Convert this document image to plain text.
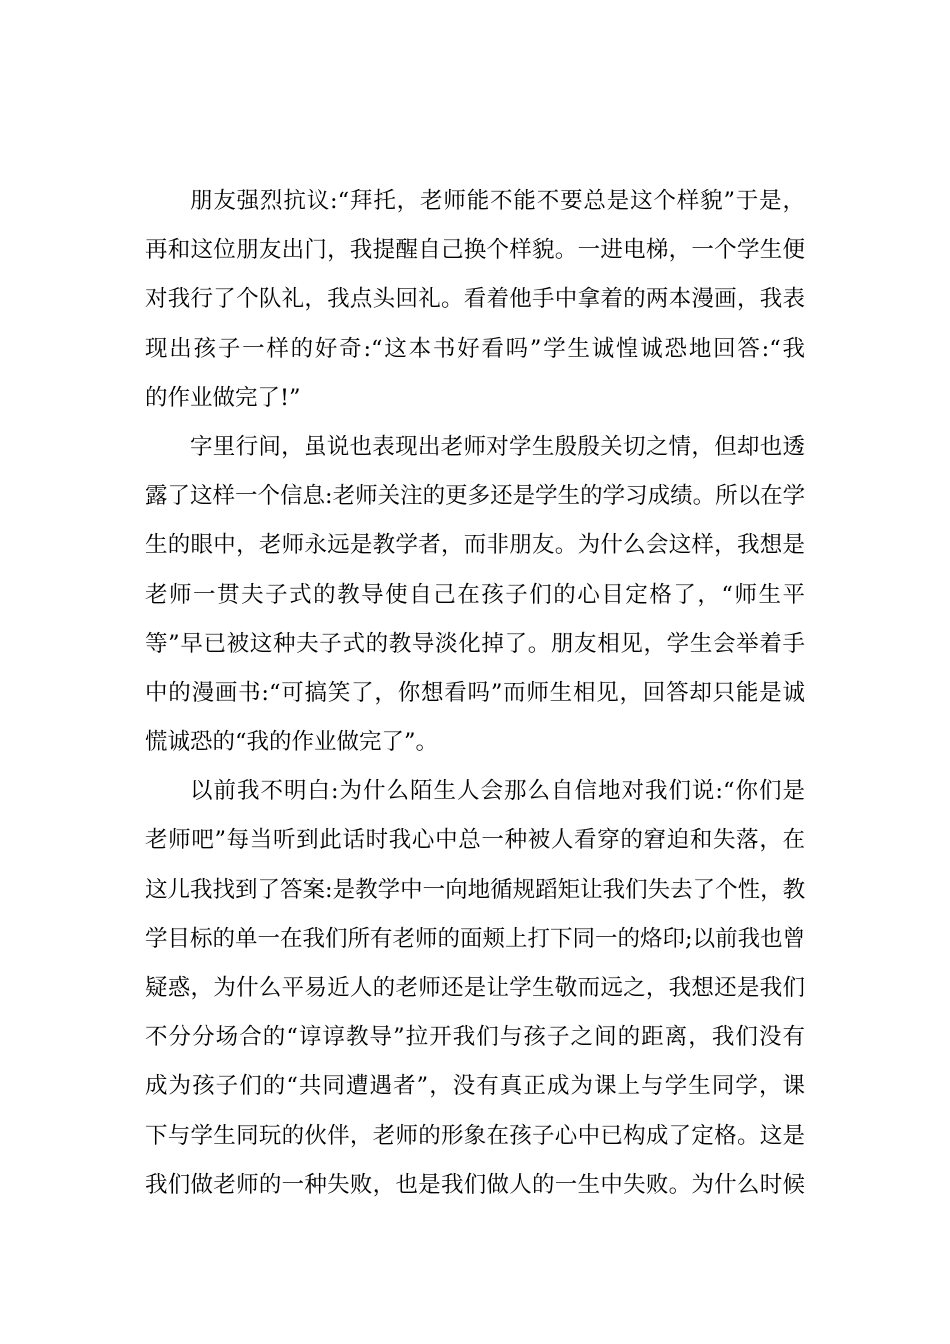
朋友强烈抗议:“拜托，老师能不能不要总是这个样貌”于是，
再和这位朋友出门，我提醒自己换个样貌。一进电梯，一个学生便
对我行了个队礼，我点头回礼。看着他手中拿着的两本漫画，我表
现出孩子一样的好奇:“这本书好看吗”学生诚惶诚恐地回答:“我
的作业做完了!”
字里行间，虽说也表现出老师对学生殷殷关切之情，但却也透
露了这样一个信息:老师关注的更多还是学生的学习成绩。所以在学
生的眼中，老师永远是教学者，而非朋友。为什么会这样，我想是
老师一贯夫子式的教导使自己在孩子们的心目定格了，“师生平
等”早已被这种夫子式的教导淡化掉了。朋友相见，学生会举着手
中的漫画书:“可搞笑了，你想看吗”而师生相见，回答却只能是诚
慌诚恐的“我的作业做完了”。
以前我不明白:为什么陌生人会那么自信地对我们说:“你们是
老师吧”每当听到此话时我心中总一种被人看穿的窘迫和失落，在
这儿我找到了答案:是教学中一向地循规蹈矩让我们失去了个性，教
学目标的单一在我们所有老师的面颊上打下同一的烙印;以前我也曾
疑惑，为什么平易近人的老师还是让学生敬而远之，我想还是我们
不分分场合的“谆谆教导”拉开我们与孩子之间的距离，我们没有
成为孩子们的“共同遭遇者”，没有真正成为课上与学生同学，课
下与学生同玩的伙伴，老师的形象在孩子心中已构成了定格。这是
我们做老师的一种失败，也是我们做人的一生中失败。为什么时候
